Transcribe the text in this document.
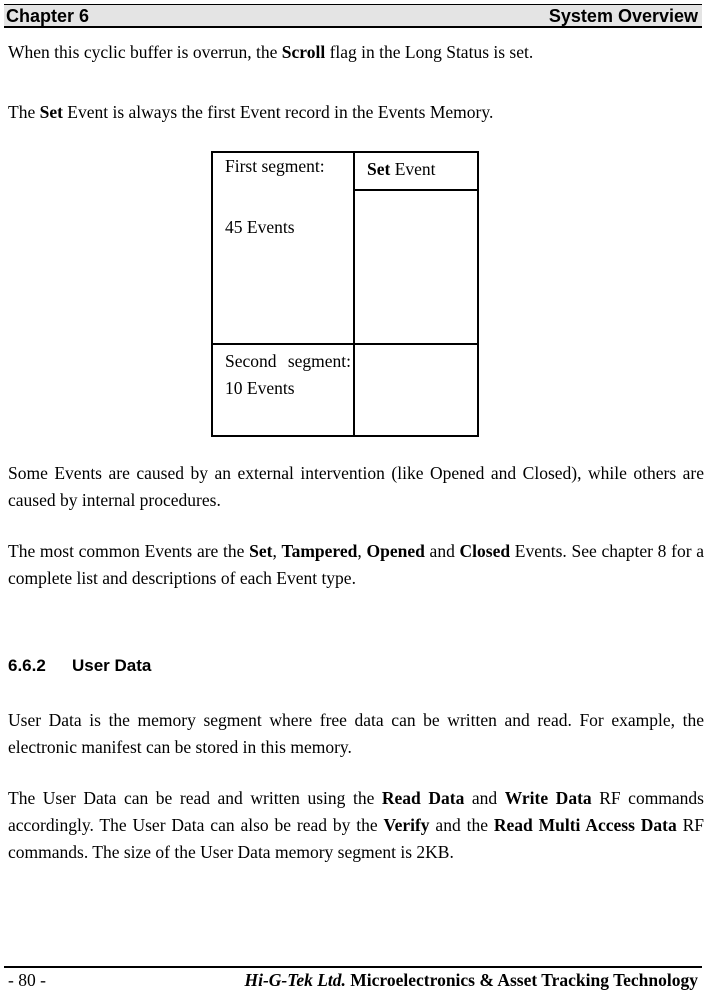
Chapter 6	System Overview

When this cyclic buffer is overrun, the Scroll flag in the Long Status is set.

The Set Event is always the first Event record in the Events Memory.

First segment:
45 Events
Set Event
Second segment: 10 Events

Some Events are caused by an external intervention (like Opened and Closed), while others are caused by internal procedures.

The most common Events are the Set, Tampered, Opened and Closed Events. See chapter 8 for a complete list and descriptions of each Event type.

6.6.2 User Data

User Data is the memory segment where free data can be written and read. For example, the electronic manifest can be stored in this memory.

The User Data can be read and written using the Read Data and Write Data RF commands accordingly. The User Data can also be read by the Verify and the Read Multi Access Data RF commands. The size of the User Data memory segment is 2KB.

- 80 -	Hi-G-Tek Ltd. Microelectronics & Asset Tracking Technology
